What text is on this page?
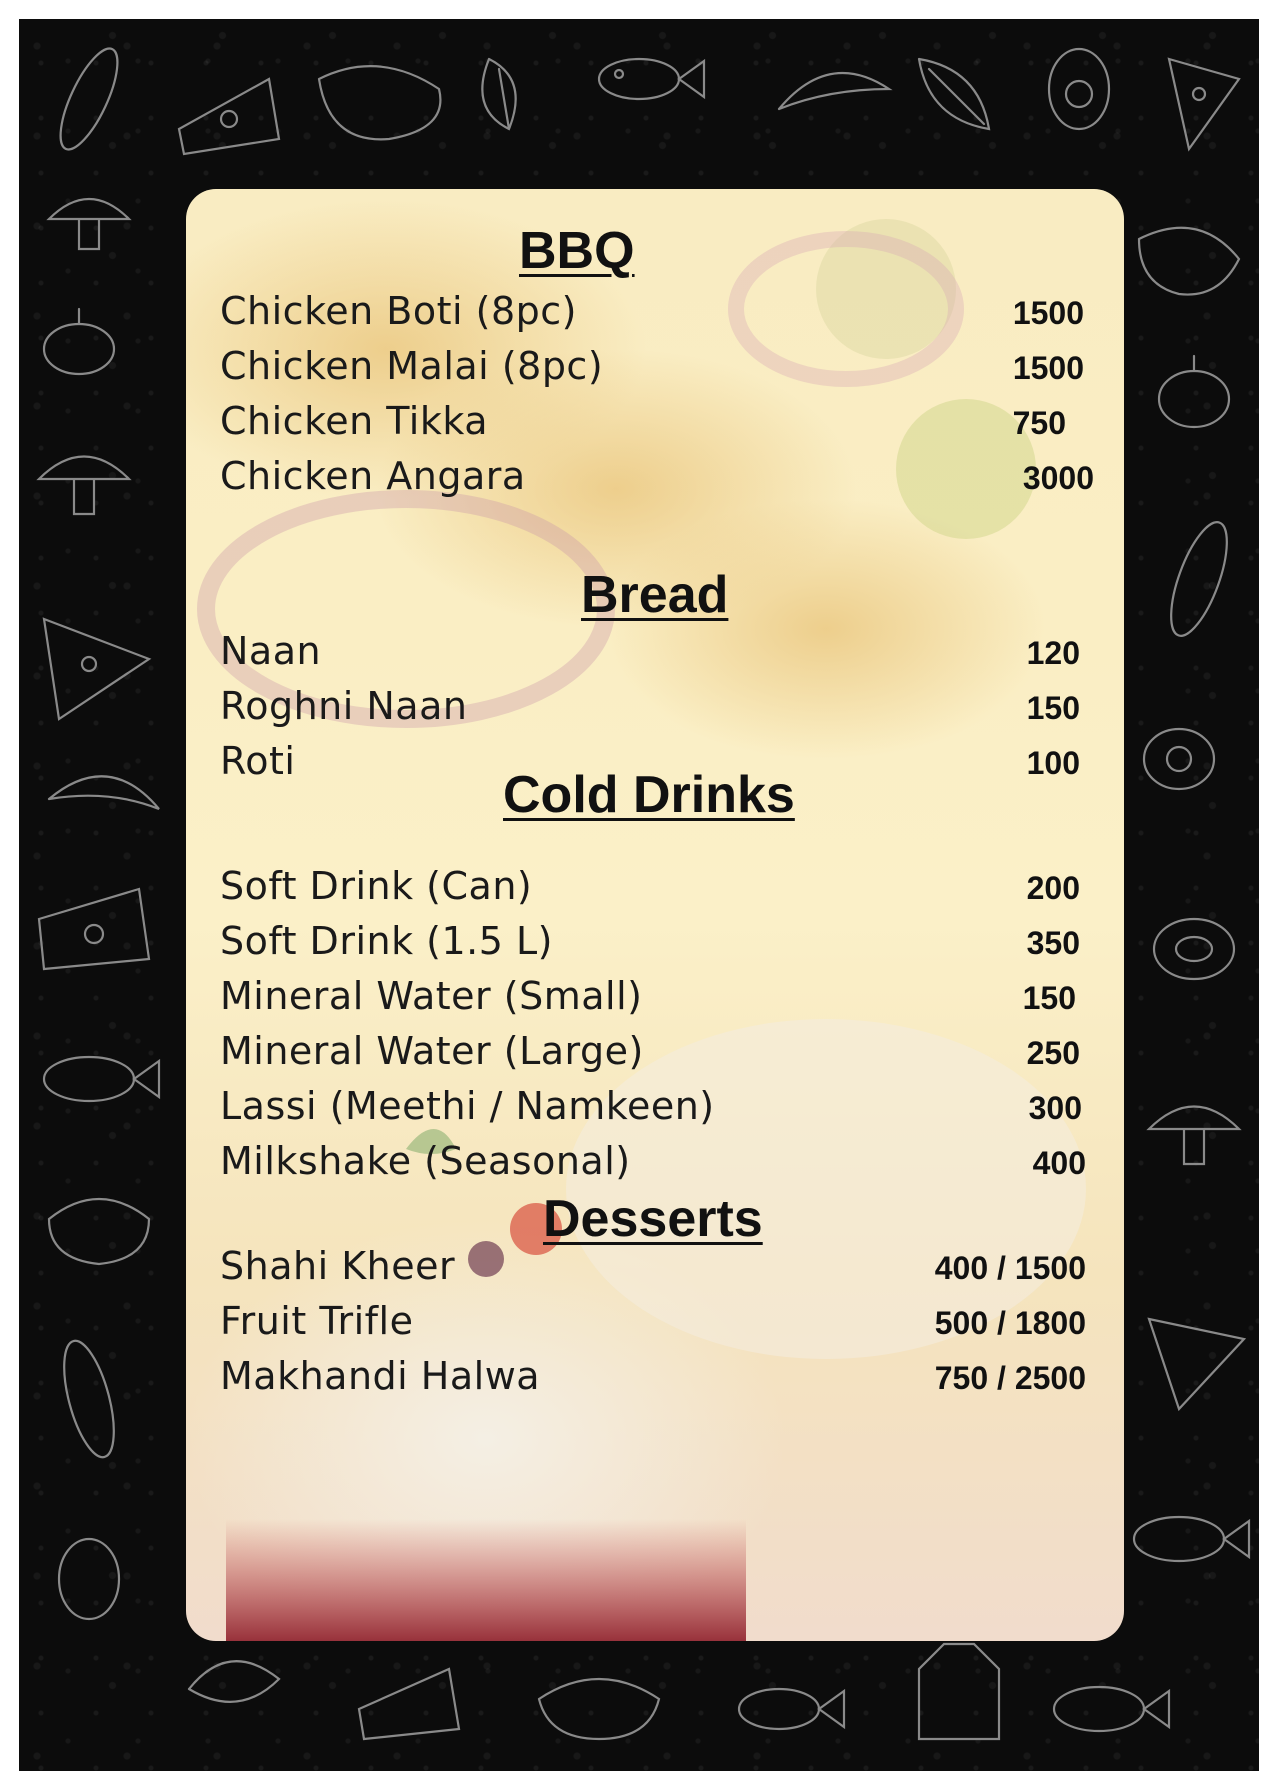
BBQ
Chicken Boti (8pc)	1500
Chicken Malai (8pc)	1500
Chicken Tikka	750
Chicken Angara	3000
Bread
Naan	120
Roghni Naan	150
Roti	100
Cold Drinks
Soft Drink (Can)	200
Soft Drink (1.5 L)	350
Mineral Water (Small)	150
Mineral Water (Large)	250
Lassi (Meethi / Namkeen)	300
Milkshake (Seasonal)	400
Desserts
Shahi Kheer	400 / 1500
Fruit Trifle	500 / 1800
Makhandi Halwa	750 / 2500
